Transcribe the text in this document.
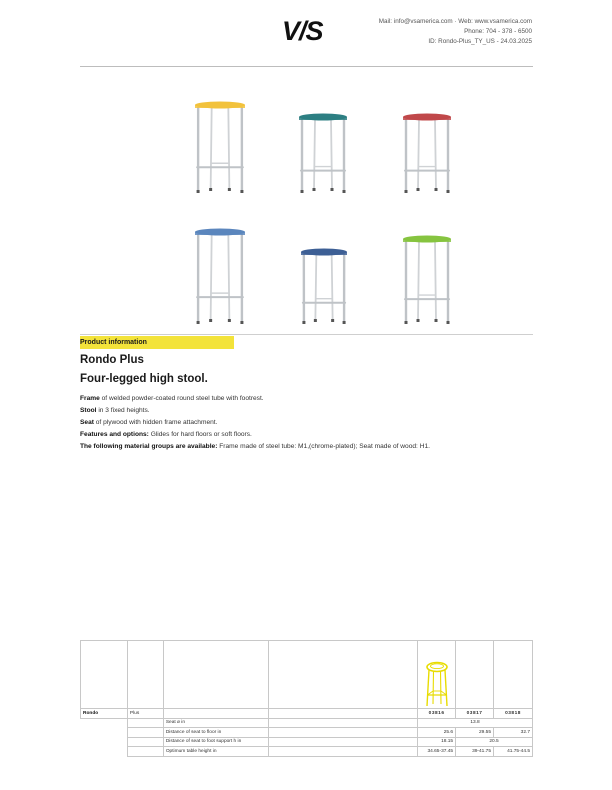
V/S	Mail: info@vsamerica.com · Web: www.vsamerica.com
Phone: 704 - 378 - 6500
ID: Rondo-Plus_TY_US - 24.03.2025
Product information
Rondo Plus
Four-legged high stool.
Frame of welded powder-coated round steel tube with footrest.
Stool in 3 fixed heights.
Seat of plywood with hidden frame attachment.
Features and options: Glides for hard floors or soft floors.
The following material groups are available: Frame made of steel tube: M1,(chrome-plated); Seat made of wood: H1.

Rondo	Plus			03816	03817	03818
		Seat ø in		13.8		
		Distance of seat to floor in		25.6	29.55	32.7
		Distance of seat to foot support h in		18.15	20.5	
		Optimum table height in		34.65-37.45	39-41.75	41.75-44.5
